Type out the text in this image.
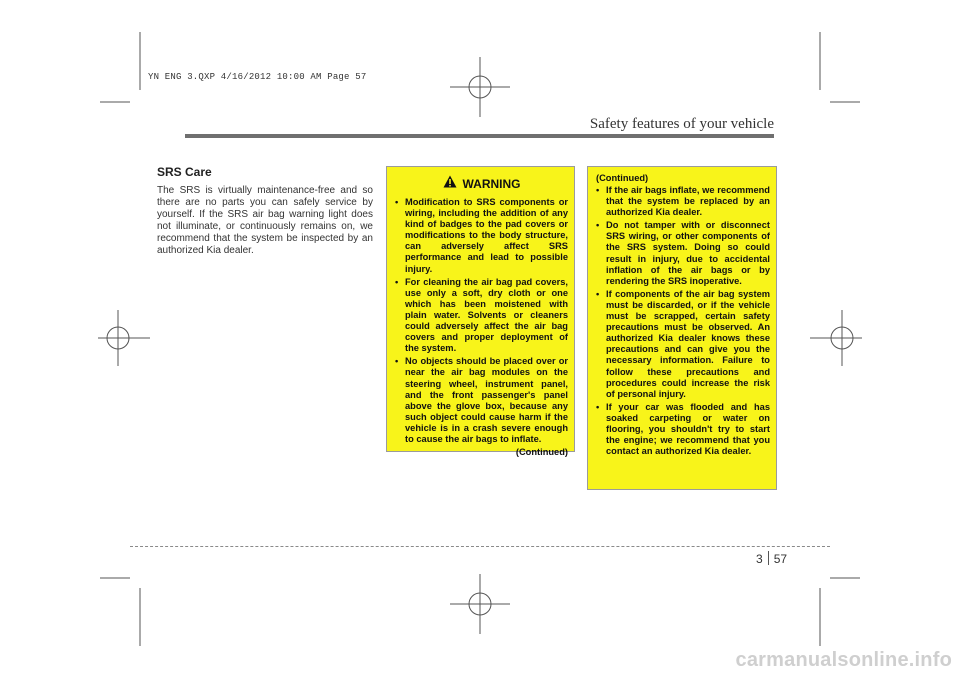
YN ENG 3.QXP 4/16/2012 10:00 AM Page 57
Safety features of your vehicle

SRS Care

The SRS is virtually maintenance-free and so there are no parts you can safely service by yourself. If the SRS air bag warning light does not illuminate, or continuously remains on, we recommend that the system be inspected by an authorized Kia dealer.

WARNING
• Modification to SRS components or wiring, including the addition of any kind of badges to the pad covers or modifications to the body structure, can adversely affect SRS performance and lead to possible injury.
• For cleaning the air bag pad covers, use only a soft, dry cloth or one which has been moistened with plain water. Solvents or cleaners could adversely affect the air bag covers and proper deployment of the system.
• No objects should be placed over or near the air bag modules on the steering wheel, instrument panel, and the front passenger's panel above the glove box, because any such object could cause harm if the vehicle is in a crash severe enough to cause the air bags to inflate.
(Continued)
(Continued)
• If the air bags inflate, we recommend that the system be replaced by an authorized Kia dealer.
• Do not tamper with or disconnect SRS wiring, or other components of the SRS system. Doing so could result in injury, due to accidental inflation of the air bags or by rendering the SRS inoperative.
• If components of the air bag system must be discarded, or if the vehicle must be scrapped, certain safety precautions must be observed. An authorized Kia dealer knows these precautions and can give you the necessary information. Failure to follow these precautions and procedures could increase the risk of personal injury.
• If your car was flooded and has soaked carpeting or water on flooring, you shouldn't try to start the engine; we recommend that you contact an authorized Kia dealer.
3 57
carmanualsonline.info
